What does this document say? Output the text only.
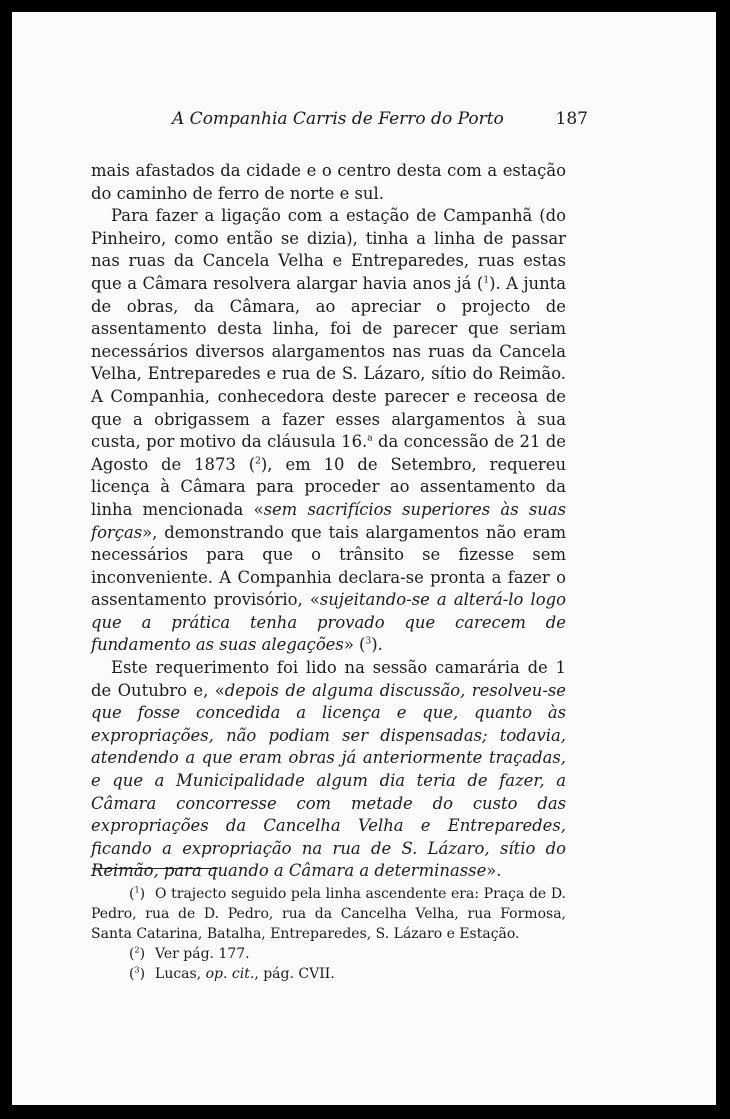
A Companhia Carris de Ferro do Porto	187

mais afastados da cidade e o centro desta com a estação do caminho de ferro de norte e sul.

Para fazer a ligação com a estação de Campanhã (do Pinheiro, como então se dizia), tinha a linha de passar nas ruas da Cancela Velha e Entreparedes, ruas estas que a Câmara resolvera alargar havia anos já ($^1$). A junta de obras, da Câmara, ao apreciar o projecto de assentamento desta linha, foi de parecer que seriam necessários diversos alargamentos nas ruas da Cancela Velha, Entreparedes e rua de S. Lázaro, sítio do Reimão. A Companhia, conhecedora deste parecer e receosa de que a obrigassem a fazer esses alargamentos à sua custa, por motivo da cláusula 16.$^a$ da concessão de 21 de Agosto de 1873 ($^2$), em 10 de Setembro, requereu licença à Câmara para proceder ao assentamento da linha mencionada «sem sacrifícios superiores às suas forças», demonstrando que tais alargamentos não eram necessários para que o trânsito se fizesse sem inconveniente. A Companhia declara-se pronta a fazer o assentamento provisório, «sujeitando-se a alterá-lo logo que a prática tenha provado que carecem de fundamento as suas alegações» ($^3$).

Este requerimento foi lido na sessão camarária de 1 de Outubro e, «depois de alguma discussão, resolveu-se que fosse concedida a licença e que, quanto às expropriações, não podiam ser dispensadas; todavia, atendendo a que eram obras já anteriormente traçadas, e que a Municipalidade algum dia teria de fazer, a Câmara concorresse com metade do custo das expropriações da Cancelha Velha e Entreparedes, ficando a expropriação na rua de S. Lázaro, sítio do Reimão, para quando a Câmara a determinasse».

($^1$) O trajecto seguido pela linha ascendente era: Praça de D. Pedro, rua de D. Pedro, rua da Cancelha Velha, rua Formosa, Santa Catarina, Batalha, Entreparedes, S. Lázaro e Estação.

($^2$) Ver pág. 177.

($^3$) Lucas, op. cit., pág. CVII.
